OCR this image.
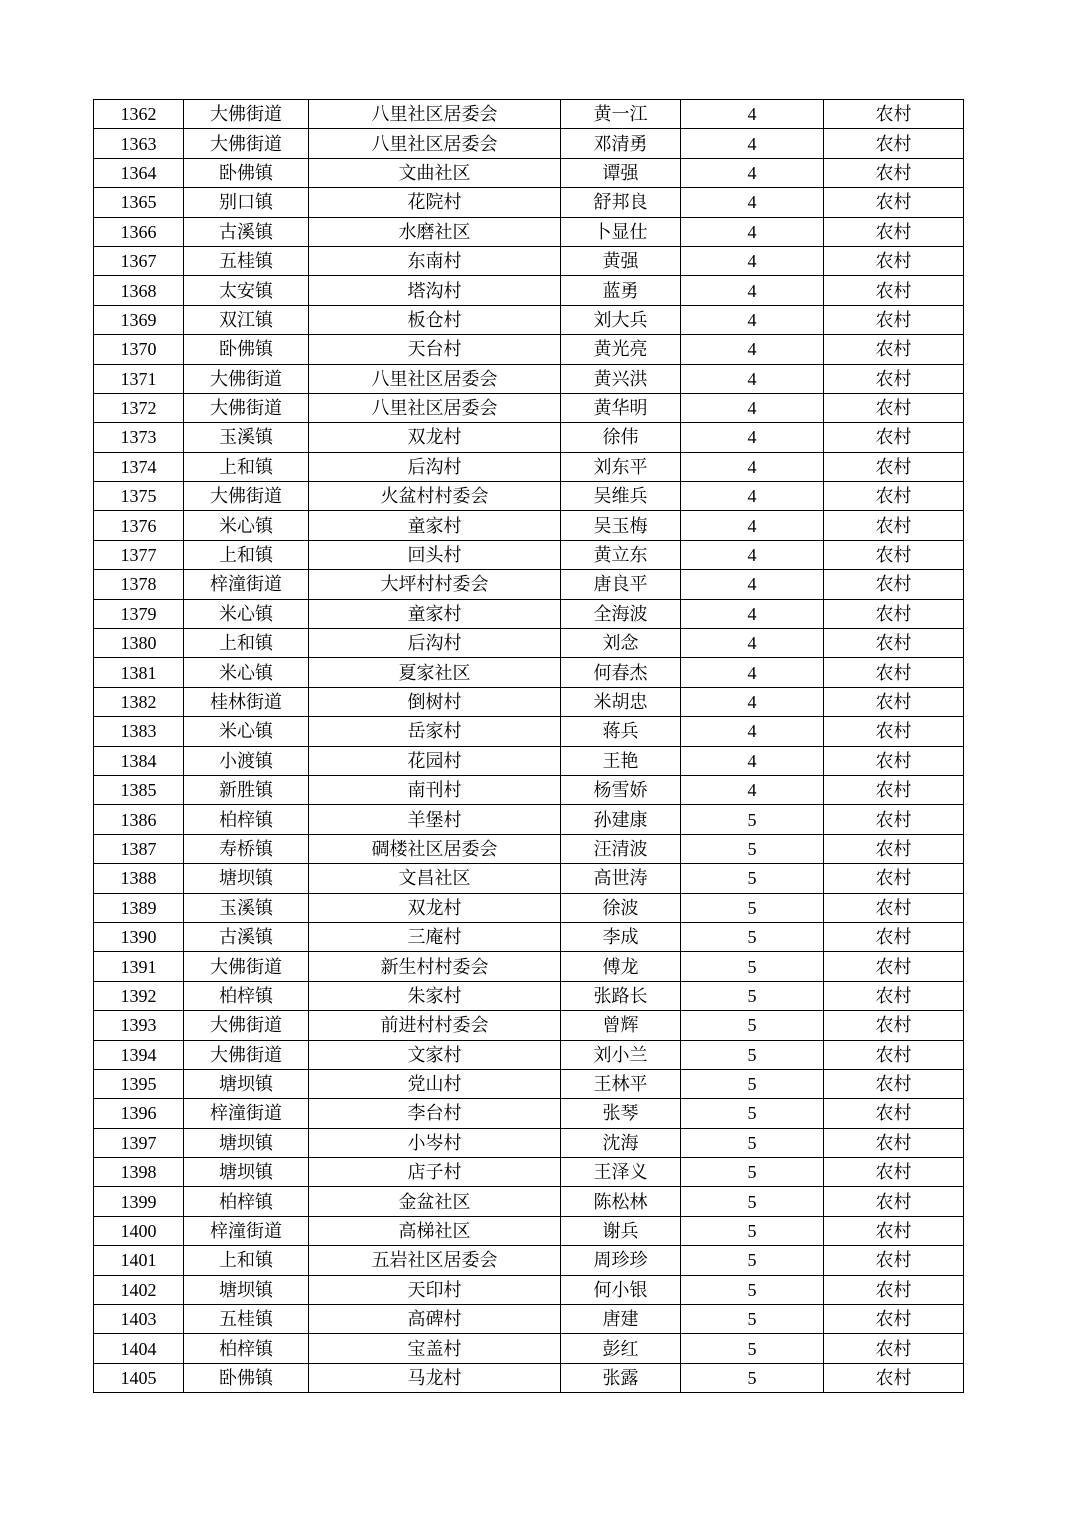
1362	大佛街道	八里社区居委会	黄一江	4	农村
1363	大佛街道	八里社区居委会	邓清勇	4	农村
1364	卧佛镇	文曲社区	谭强	4	农村
1365	别口镇	花院村	舒邦良	4	农村
1366	古溪镇	水磨社区	卜显仕	4	农村
1367	五桂镇	东南村	黄强	4	农村
1368	太安镇	塔沟村	蓝勇	4	农村
1369	双江镇	板仓村	刘大兵	4	农村
1370	卧佛镇	天台村	黄光亮	4	农村
1371	大佛街道	八里社区居委会	黄兴洪	4	农村
1372	大佛街道	八里社区居委会	黄华明	4	农村
1373	玉溪镇	双龙村	徐伟	4	农村
1374	上和镇	后沟村	刘东平	4	农村
1375	大佛街道	火盆村村委会	吴维兵	4	农村
1376	米心镇	童家村	吴玉梅	4	农村
1377	上和镇	回头村	黄立东	4	农村
1378	梓潼街道	大坪村村委会	唐良平	4	农村
1379	米心镇	童家村	全海波	4	农村
1380	上和镇	后沟村	刘念	4	农村
1381	米心镇	夏家社区	何春杰	4	农村
1382	桂林街道	倒树村	米胡忠	4	农村
1383	米心镇	岳家村	蒋兵	4	农村
1384	小渡镇	花园村	王艳	4	农村
1385	新胜镇	南刊村	杨雪娇	4	农村
1386	柏梓镇	羊堡村	孙建康	5	农村
1387	寿桥镇	碉楼社区居委会	汪清波	5	农村
1388	塘坝镇	文昌社区	高世涛	5	农村
1389	玉溪镇	双龙村	徐波	5	农村
1390	古溪镇	三庵村	李成	5	农村
1391	大佛街道	新生村村委会	傅龙	5	农村
1392	柏梓镇	朱家村	张路长	5	农村
1393	大佛街道	前进村村委会	曾辉	5	农村
1394	大佛街道	文家村	刘小兰	5	农村
1395	塘坝镇	党山村	王林平	5	农村
1396	梓潼街道	李台村	张琴	5	农村
1397	塘坝镇	小岑村	沈海	5	农村
1398	塘坝镇	店子村	王泽义	5	农村
1399	柏梓镇	金盆社区	陈松林	5	农村
1400	梓潼街道	高梯社区	谢兵	5	农村
1401	上和镇	五岩社区居委会	周珍珍	5	农村
1402	塘坝镇	天印村	何小银	5	农村
1403	五桂镇	高碑村	唐建	5	农村
1404	柏梓镇	宝盖村	彭红	5	农村
1405	卧佛镇	马龙村	张露	5	农村
